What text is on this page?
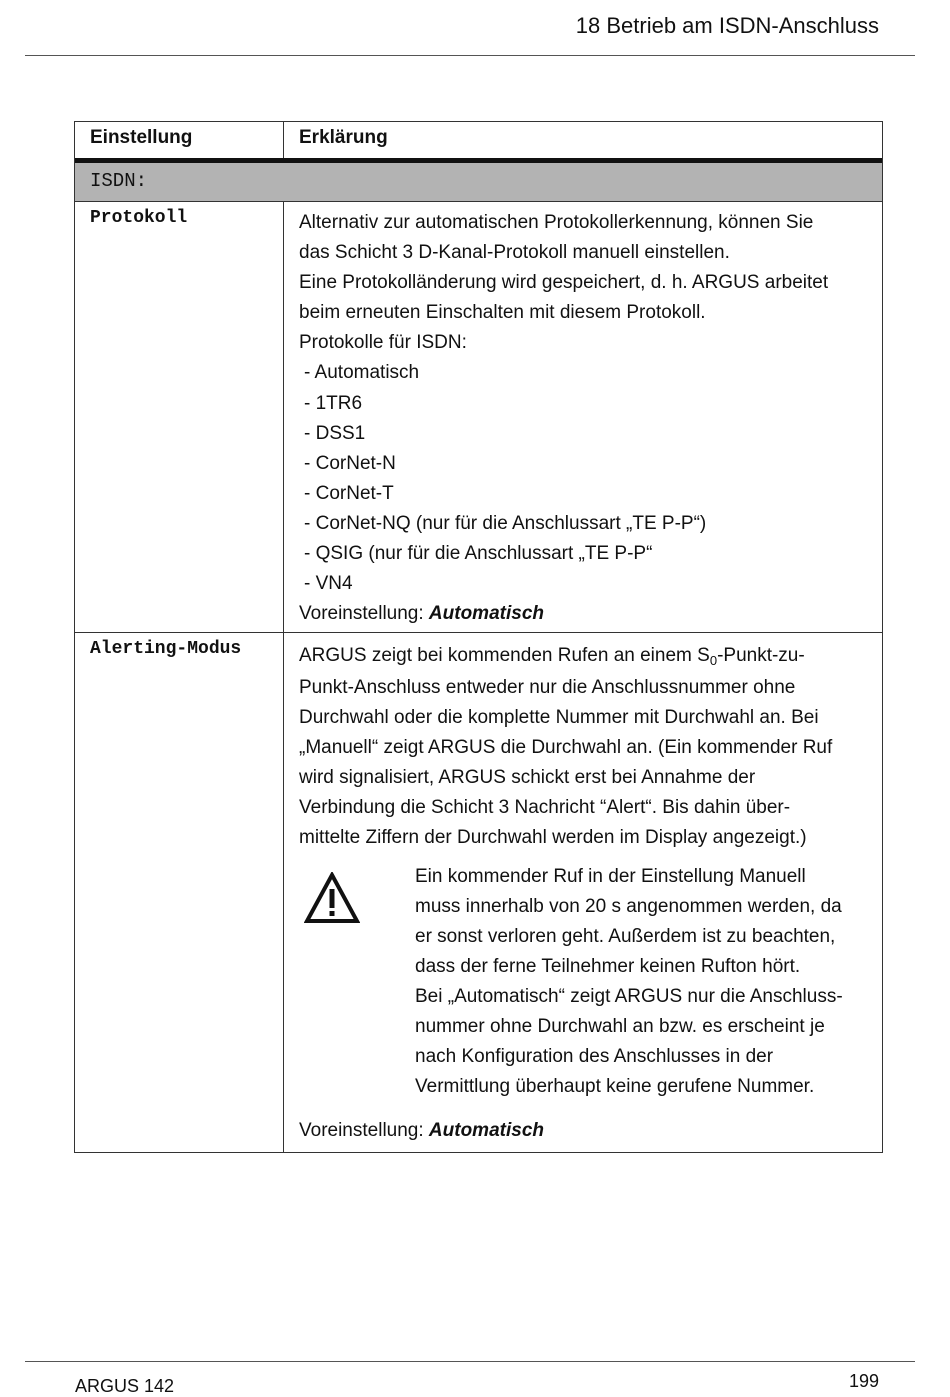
18 Betrieb am ISDN-Anschluss
Einstellung	Erklärung
ISDN:
Protokoll	Alternativ zur automatischen Protokollerkennung, können Sie
das Schicht 3 D-Kanal-Protokoll manuell einstellen.
Eine Protokolländerung wird gespeichert, d. h. ARGUS arbeitet
beim erneuten Einschalten mit diesem Protokoll.
Protokolle für ISDN:
- Automatisch
- 1TR6
- DSS1
- CorNet-N
- CorNet-T
- CorNet-NQ (nur für die Anschlussart „TE P-P“)
- QSIG (nur für die Anschlussart „TE P-P“
- VN4
Voreinstellung: Automatisch
Alerting-Modus	ARGUS zeigt bei kommenden Rufen an einem $S_0-Punkt-zu-$
Punkt-Anschluss entweder nur die Anschlussnummer ohne
Durchwahl oder die komplette Nummer mit Durchwahl an. Bei
„Manuell“ zeigt ARGUS die Durchwahl an. (Ein kommender Ruf
wird signalisiert, ARGUS schickt erst bei Annahme der
Verbindung die Schicht 3 Nachricht “Alert“. Bis dahin über-
mittelte Ziffern der Durchwahl werden im Display angezeigt.)
Ein kommender Ruf in der Einstellung Manuell
muss innerhalb von 20 s angenommen werden, da
er sonst verloren geht. Außerdem ist zu beachten,
dass der ferne Teilnehmer keinen Rufton hört.
Bei „Automatisch“ zeigt ARGUS nur die Anschluss-
nummer ohne Durchwahl an bzw. es erscheint je
nach Konfiguration des Anschlusses in der
Vermittlung überhaupt keine gerufene Nummer.
Voreinstellung: Automatisch
ARGUS 142	199
